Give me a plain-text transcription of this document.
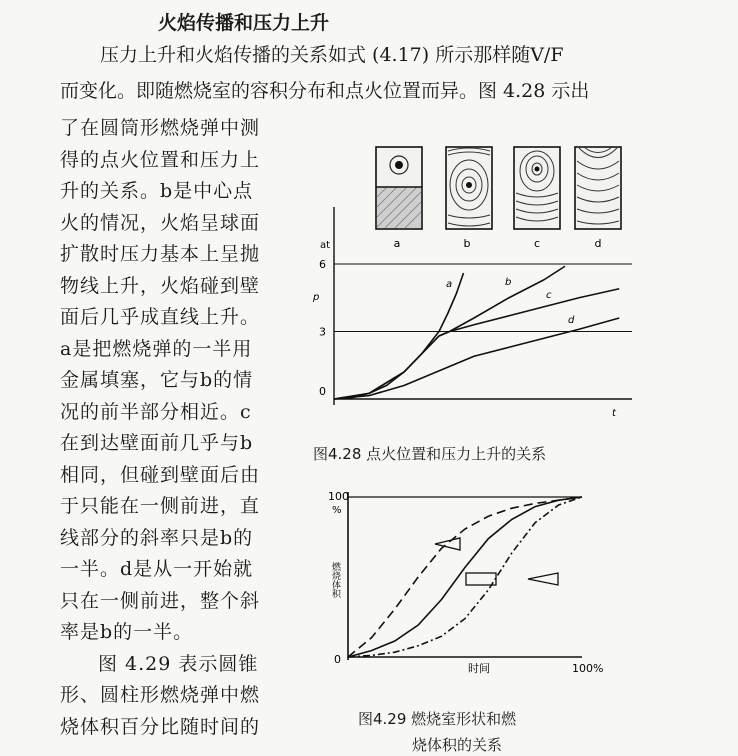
火焰传播和压力上升
压力上升和火焰传播的关系如式 (4.17) 所示那样随V/F
而变化。即随燃烧室的容积分布和点火位置而异。图 4.28 示出
了在圆筒形燃烧弹中测
得的点火位置和压力上
升的关系。b是中心点
火的情况，火焰呈球面
扩散时压力基本上呈抛
物线上升，火焰碰到壁
面后几乎成直线上升。
a是把燃烧弹的一半用
金属填塞，它与b的情
况的前半部分相近。c
在到达壁面前几乎与b
相同，但碰到壁面后由
于只能在一侧前进，直
线部分的斜率只是b的
一半。d是从一开始就
只在一侧前进，整个斜
率是b的一半。
图 4.29 表示圆锥
形、圆柱形燃烧弹中燃
烧体积百分比随时间的
a	b	c	d
at
p
t
0
3
6
a	b
c
d
图4.28 点火位置和压力上升的关系
100
%
0
时间	100%
燃烧体积
图4.29 燃烧室形状和燃
烧体积的关系
